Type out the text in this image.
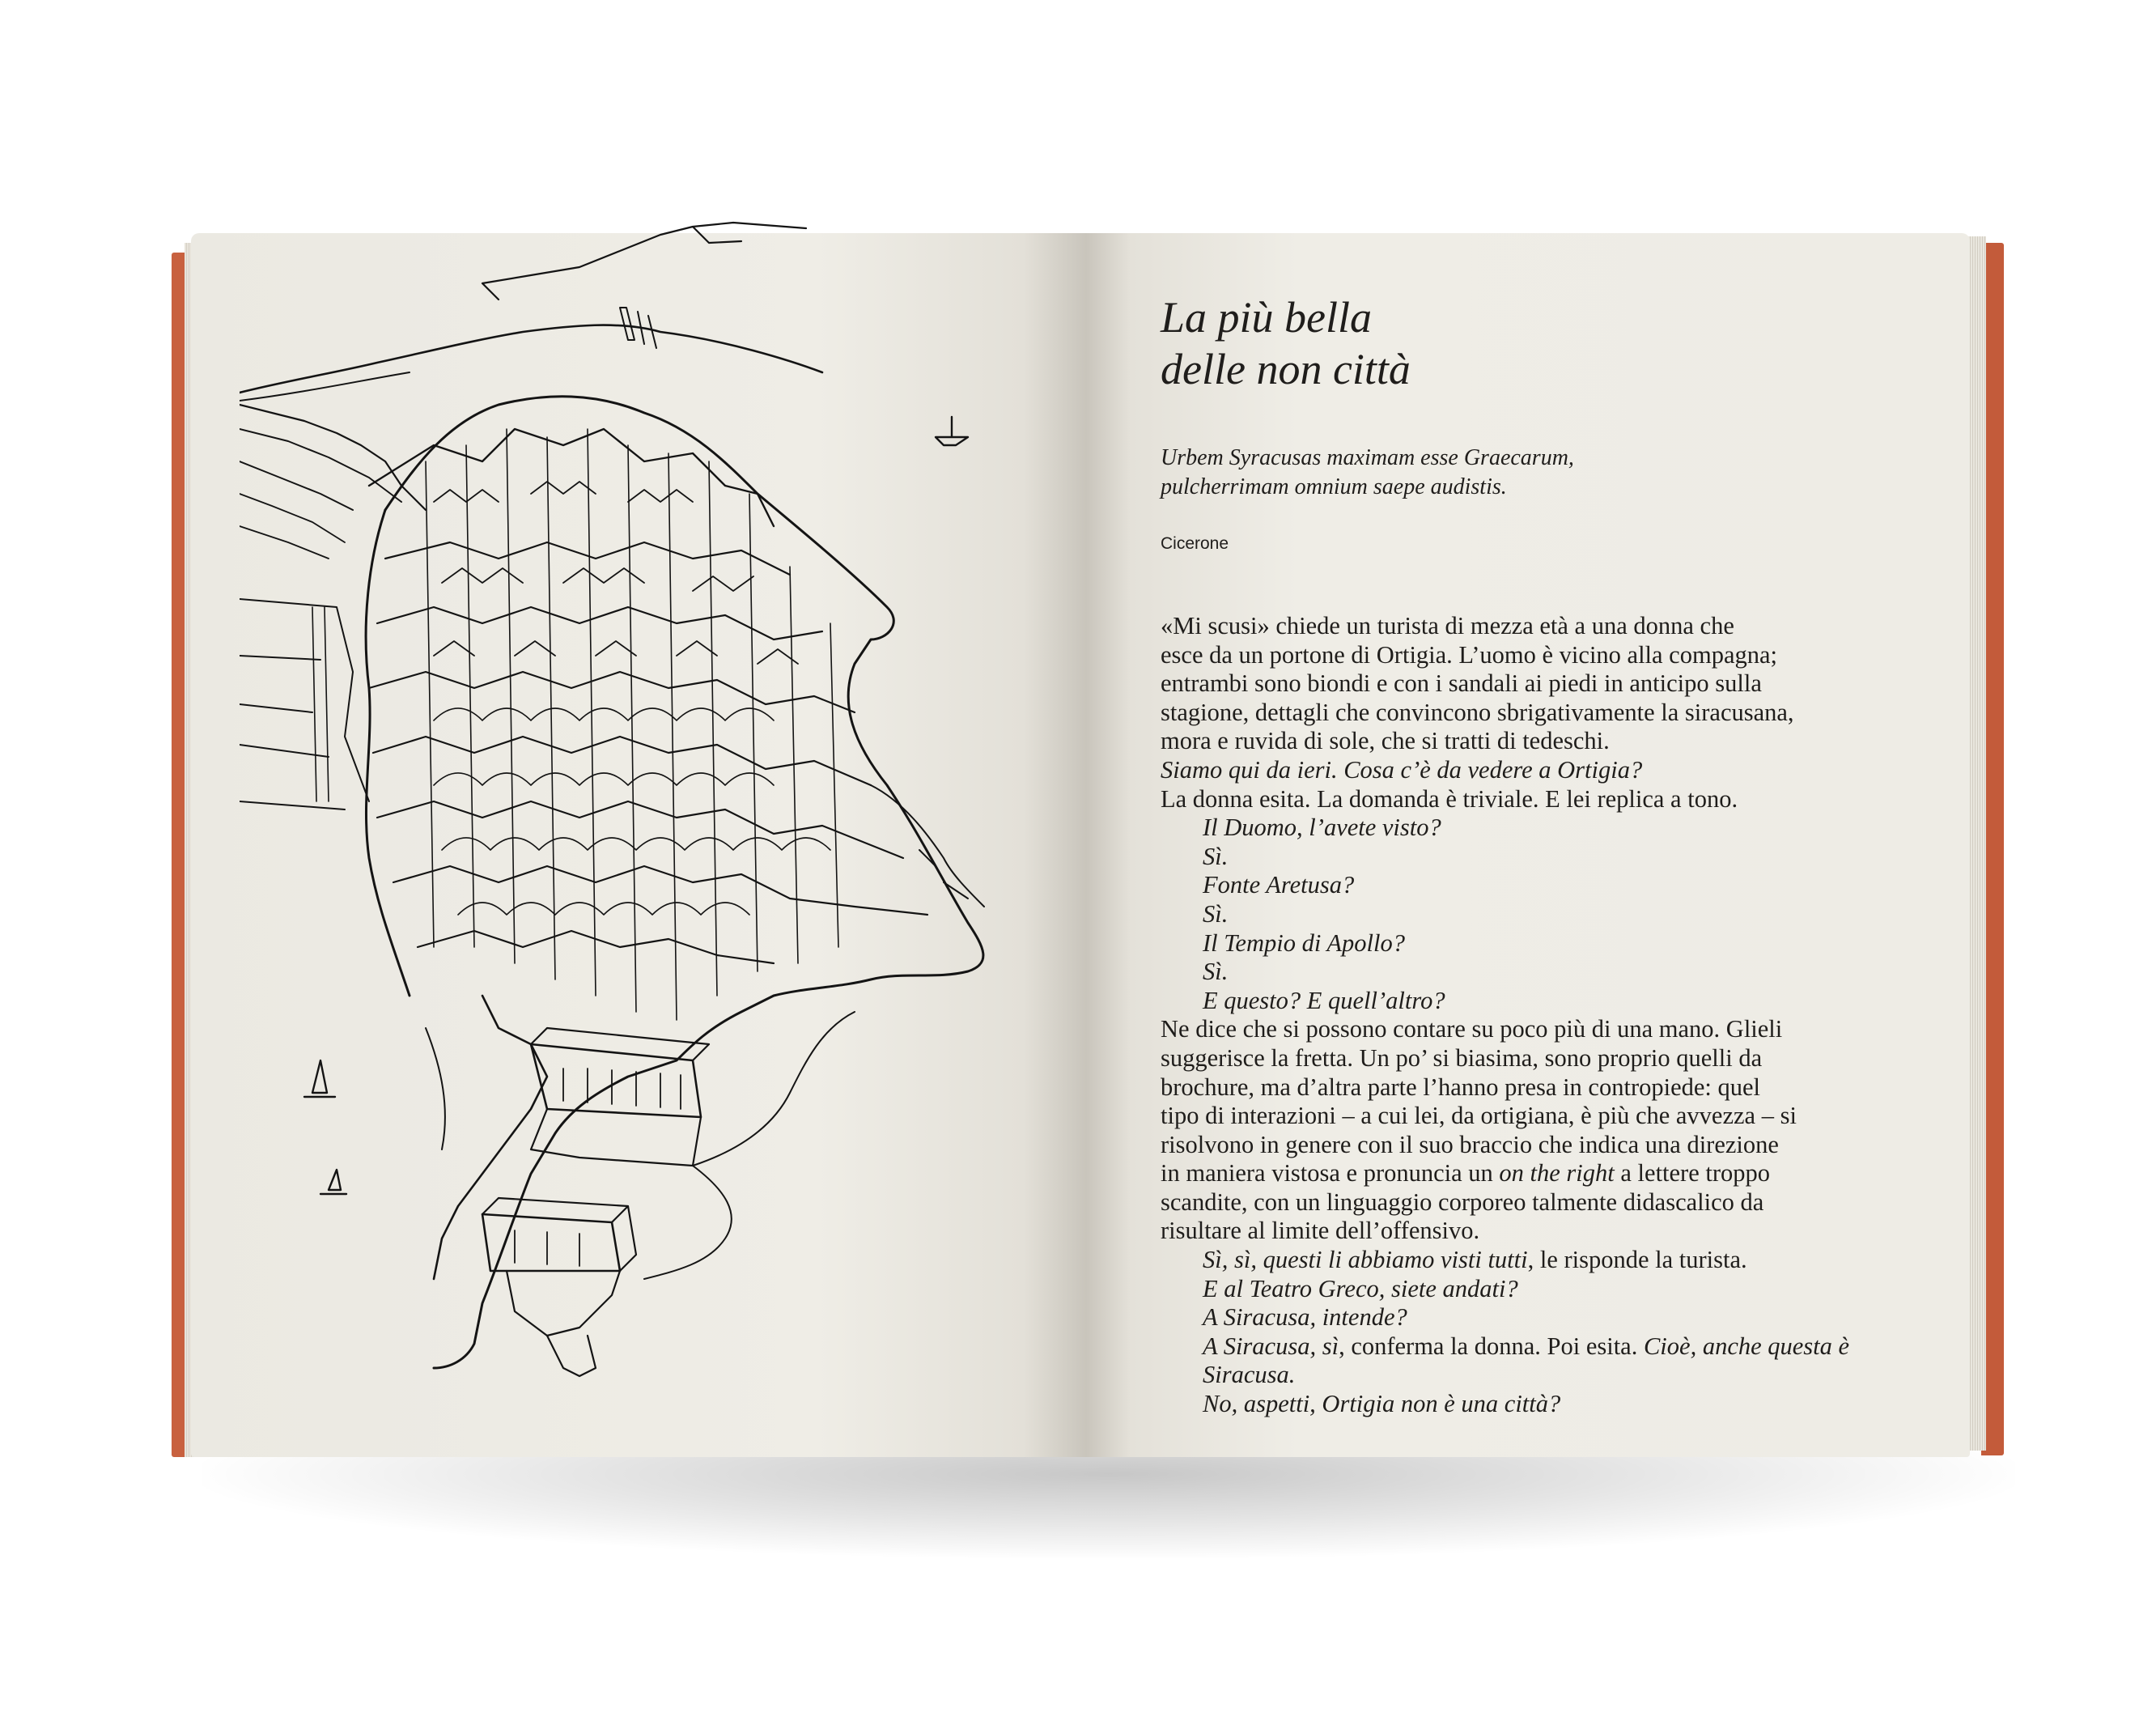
La più bella
delle non città
Urbem Syracusas maximam esse Graecarum,
pulcherrimam omnium saepe audistis.
Cicerone
«Mi scusi» chiede un turista di mezza età a una donna che
esce da un portone di Ortigia. L’uomo è vicino alla compagna;
entrambi sono biondi e con i sandali ai piedi in anticipo sulla
stagione, dettagli che convincono sbrigativamente la siracusana,
mora e ruvida di sole, che si tratti di tedeschi.
Siamo qui da ieri. Cosa c’è da vedere a Ortigia?
La donna esita. La domanda è triviale. E lei replica a tono.
Il Duomo, l’avete visto?
Sì.
Fonte Aretusa?
Sì.
Il Tempio di Apollo?
Sì.
E questo? E quell’altro?
Ne dice che si possono contare su poco più di una mano. Glieli
suggerisce la fretta. Un po’ si biasima, sono proprio quelli da
brochure, ma d’altra parte l’hanno presa in contropiede: quel
tipo di interazioni – a cui lei, da ortigiana, è più che avvezza – si
risolvono in genere con il suo braccio che indica una direzione
in maniera vistosa e pronuncia un on the right a lettere troppo
scandite, con un linguaggio corporeo talmente didascalico da
risultare al limite dell’offensivo.
Sì, sì, questi li abbiamo visti tutti, le risponde la turista.
E al Teatro Greco, siete andati?
A Siracusa, intende?
A Siracusa, sì, conferma la donna. Poi esita. Cioè, anche questa è
Siracusa.
No, aspetti, Ortigia non è una città?
